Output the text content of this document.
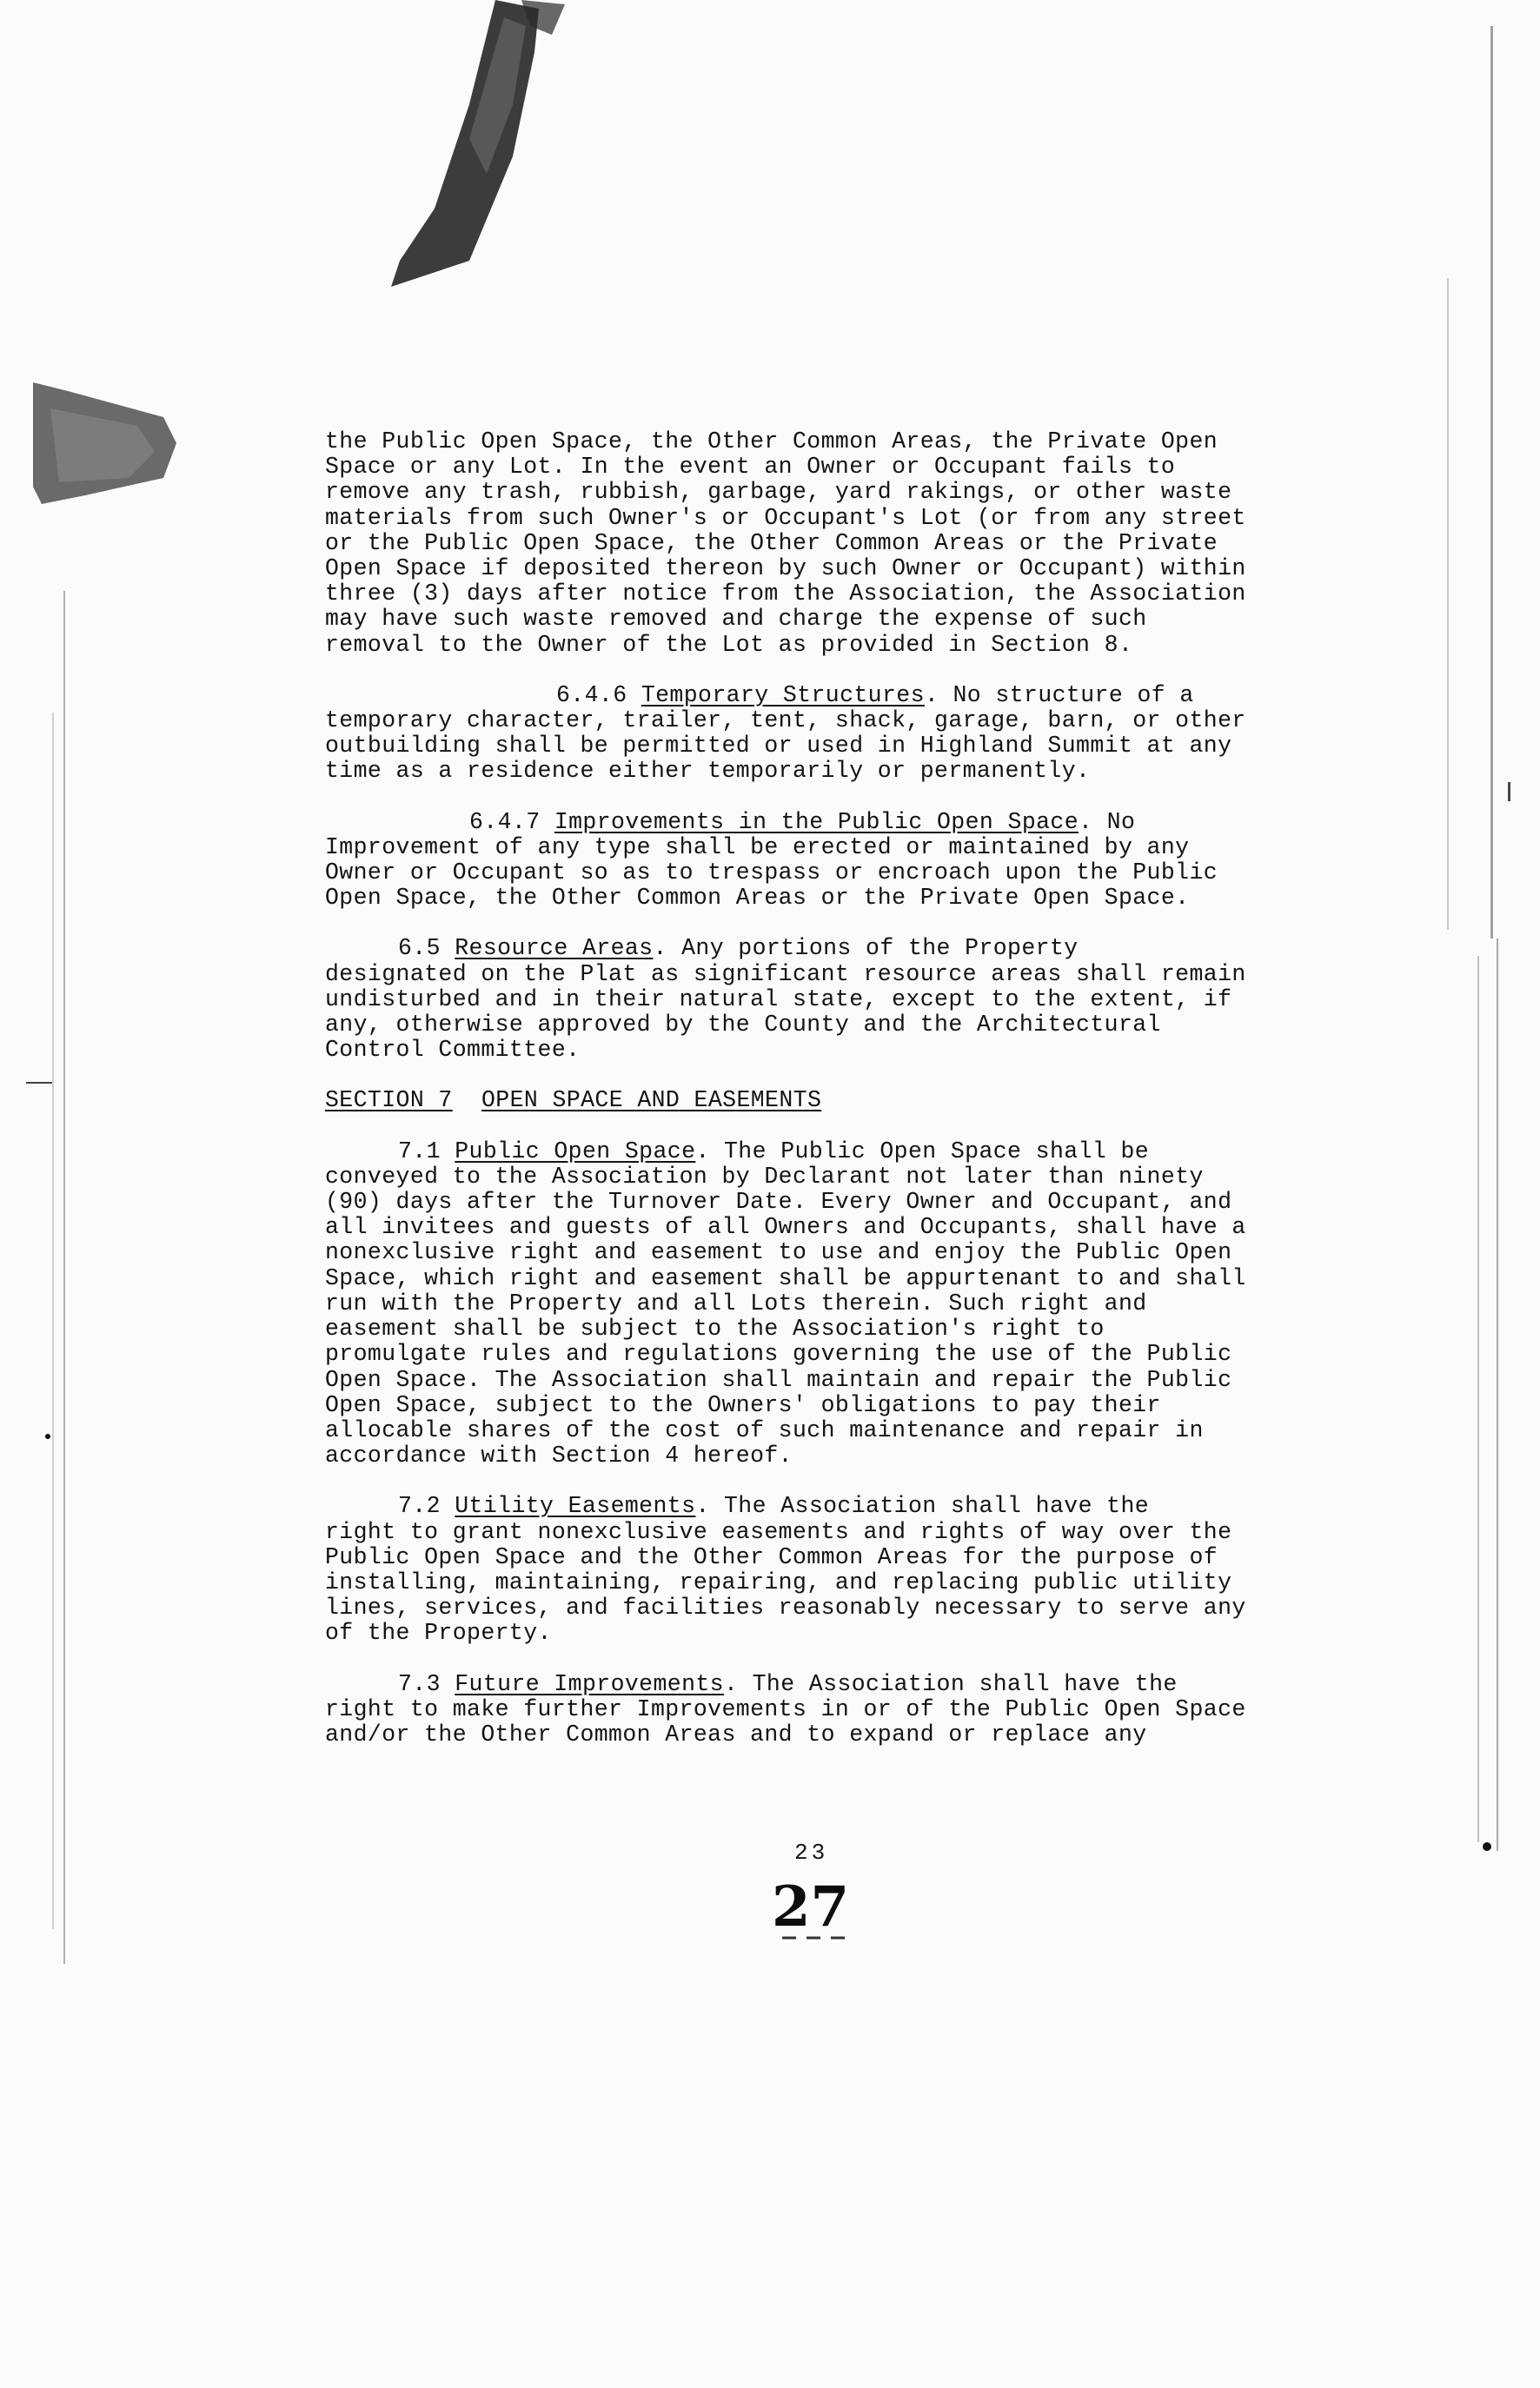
the Public Open Space, the Other Common Areas, the Private Open
Space or any Lot. In the event an Owner or Occupant fails to
remove any trash, rubbish, garbage, yard rakings, or other waste
materials from such Owner's or Occupant's Lot (or from any street
or the Public Open Space, the Other Common Areas or the Private
Open Space if deposited thereon by such Owner or Occupant) within
three (3) days after notice from the Association, the Association
may have such waste removed and charge the expense of such
removal to the Owner of the Lot as provided in Section 8.

6.4.6 Temporary Structures. No structure of a

temporary character, trailer, tent, shack, garage, barn, or other
outbuilding shall be permitted or used in Highland Summit at any
time as a residence either temporarily or permanently.

6.4.7 Improvements in the Public Open Space. No

Improvement of any type shall be erected or maintained by any
Owner or Occupant so as to trespass or encroach upon the Public
Open Space, the Other Common Areas or the Private Open Space.

6.5 Resource Areas. Any portions of the Property

designated on the Plat as significant resource areas shall remain
undisturbed and in their natural state, except to the extent, if
any, otherwise approved by the County and the Architectural
Control Committee.

SECTION 7 OPEN SPACE AND EASEMENTS

7.1 Public Open Space. The Public Open Space shall be

conveyed to the Association by Declarant not later than ninety
(90) days after the Turnover Date. Every Owner and Occupant, and
all invitees and guests of all Owners and Occupants, shall have a
nonexclusive right and easement to use and enjoy the Public Open
Space, which right and easement shall be appurtenant to and shall
run with the Property and all Lots therein. Such right and
easement shall be subject to the Association's right to
promulgate rules and regulations governing the use of the Public
Open Space. The Association shall maintain and repair the Public
Open Space, subject to the Owners' obligations to pay their
allocable shares of the cost of such maintenance and repair in
accordance with Section 4 hereof.

7.2 Utility Easements. The Association shall have the

right to grant nonexclusive easements and rights of way over the
Public Open Space and the Other Common Areas for the purpose of
installing, maintaining, repairing, and replacing public utility
lines, services, and facilities reasonably necessary to serve any
of the Property.

7.3 Future Improvements. The Association shall have the

right to make further Improvements in or of the Public Open Space
and/or the Other Common Areas and to expand or replace any

23
27
